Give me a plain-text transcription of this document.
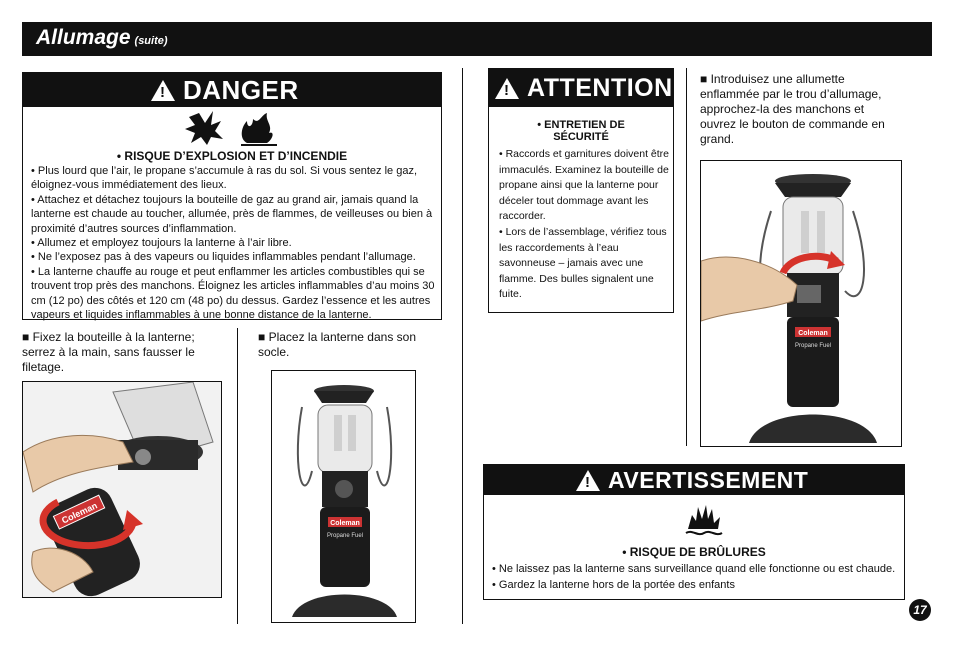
Allumage (suite)
! DANGER
• RISQUE D’EXPLOSION ET D’INCENDIE

• Plus lourd que l’air, le propane s’accumule à ras du sol. Si vous sentez le gaz, éloignez-vous immédiatement des lieux.

• Attachez et détachez toujours la bouteille de gaz au grand air, jamais quand la lanterne est chaude au toucher, allumée, près de flammes, de veilleuses ou bien à proximité d’autres sources d’inflammation.

• Allumez et employez toujours la lanterne à l’air libre.

• Ne l’exposez pas à des vapeurs ou liquides inflammables pendant l’allumage.

• La lanterne chauffe au rouge et peut enflammer les articles combustibles qui se trouvent trop près des manchons. Éloignez les articles inflammables d’au moins 30 cm (12 po) des côtés et 120 cm (48 po) du dessus. Gardez l’essence et les autres vapeurs et liquides inflammables à une bonne distance de la lanterne.

■ Fixez la bouteille à la lanterne; serrez à la main, sans fausser le filetage.
Coleman
■ Placez la lanterne dans son socle.
Coleman
Propane Fuel
! ATTENTION
• ENTRETIEN DE SÉCURITÉ

• Raccords et garnitures doivent être immaculés. Examinez la bouteille de propane ainsi que la lanterne pour déceler tout dommage avant les raccorder.

• Lors de l’assemblage, vérifiez tous les raccordements à l’eau savonneuse – jamais avec une flamme. Des bulles signalent une fuite.

■ Introduisez une allumette enflammée par le trou d’allumage, approchez-la des manchons et ouvrez le bouton de commande en grand.
Coleman
Propane Fuel
! AVERTISSEMENT
• RISQUE DE BRÛLURES

• Ne laissez pas la lanterne sans surveillance quand elle fonctionne ou est chaude.

• Gardez la lanterne hors de la portée des enfants

17
